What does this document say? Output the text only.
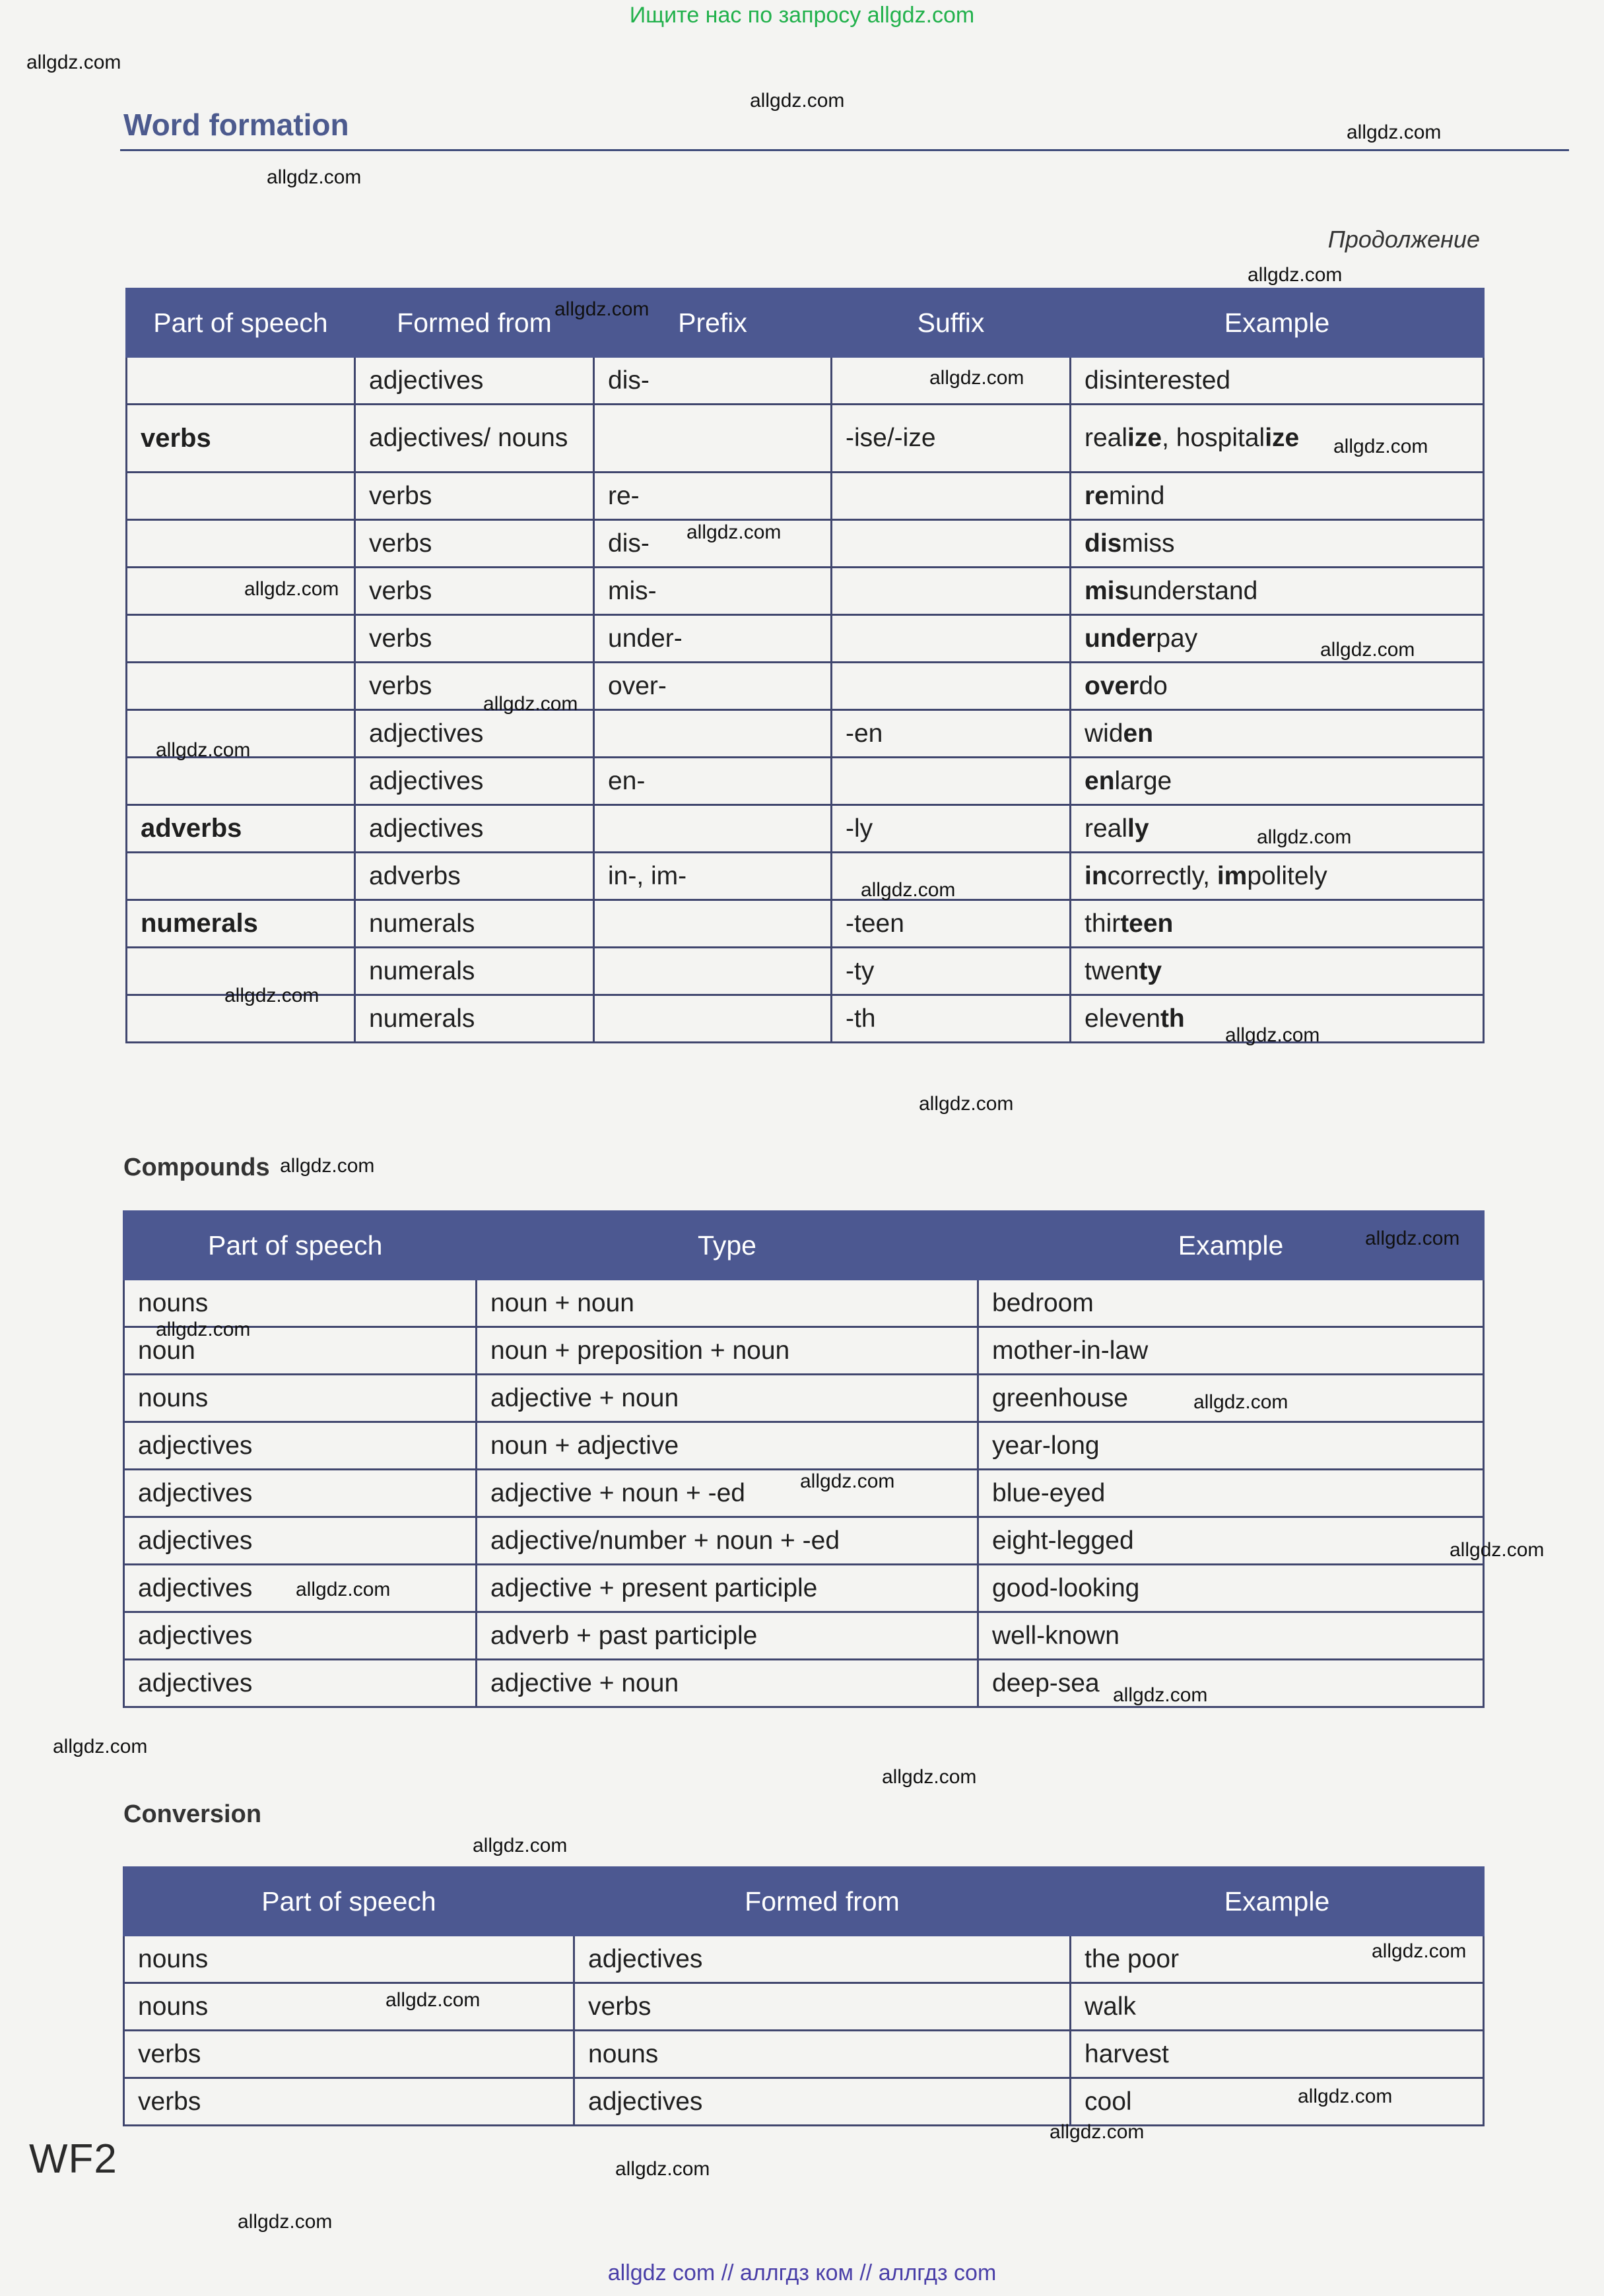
Ищите нас по запросу allgdz.com
Word formation
Продолжение
Part of speech	Formed from	Prefix	Suffix	Example
	adjectives	dis-		disinterested
verbs	adjectives/ nouns		-ise/-ize	realize, hospitalize
	verbs	re-		remind
	verbs	dis-		dismiss
	verbs	mis-		misunderstand
	verbs	under-		underpay
	verbs	over-		overdo
	adjectives		-en	widen
	adjectives	en-		enlarge
adverbs	adjectives		-ly	really
	adverbs	in-, im-		incorrectly, impolitely
numerals	numerals		-teen	thirteen
	numerals		-ty	twenty
	numerals		-th	eleventh
Compounds
Part of speech	Type	Example
nouns	noun + noun	bedroom
noun	noun + preposition + noun	mother-in-law
nouns	adjective + noun	greenhouse
adjectives	noun + adjective	year-long
adjectives	adjective + noun + -ed	blue-eyed
adjectives	adjective/number + noun + -ed	eight-legged
adjectives	adjective + present participle	good-looking
adjectives	adverb + past participle	well-known
adjectives	adjective + noun	deep-sea
Conversion
Part of speech	Formed from	Example
nouns	adjectives	the poor
nouns	verbs	walk
verbs	nouns	harvest
verbs	adjectives	cool
WF2
allgdz.com
allgdz.com
allgdz.com
allgdz.com
allgdz.com
allgdz.com
allgdz.com
allgdz.com
allgdz.com
allgdz.com
allgdz.com
allgdz.com
allgdz.com
allgdz.com
allgdz.com
allgdz.com
allgdz.com
allgdz.com
allgdz.com
allgdz.com
allgdz.com
allgdz.com
allgdz.com
allgdz.com
allgdz.com
allgdz.com
allgdz.com
allgdz.com
allgdz.com
allgdz.com
allgdz.com
allgdz.com
allgdz.com
allgdz.com
allgdz.com
allgdz com // аллгдз ком // аллгдз com
